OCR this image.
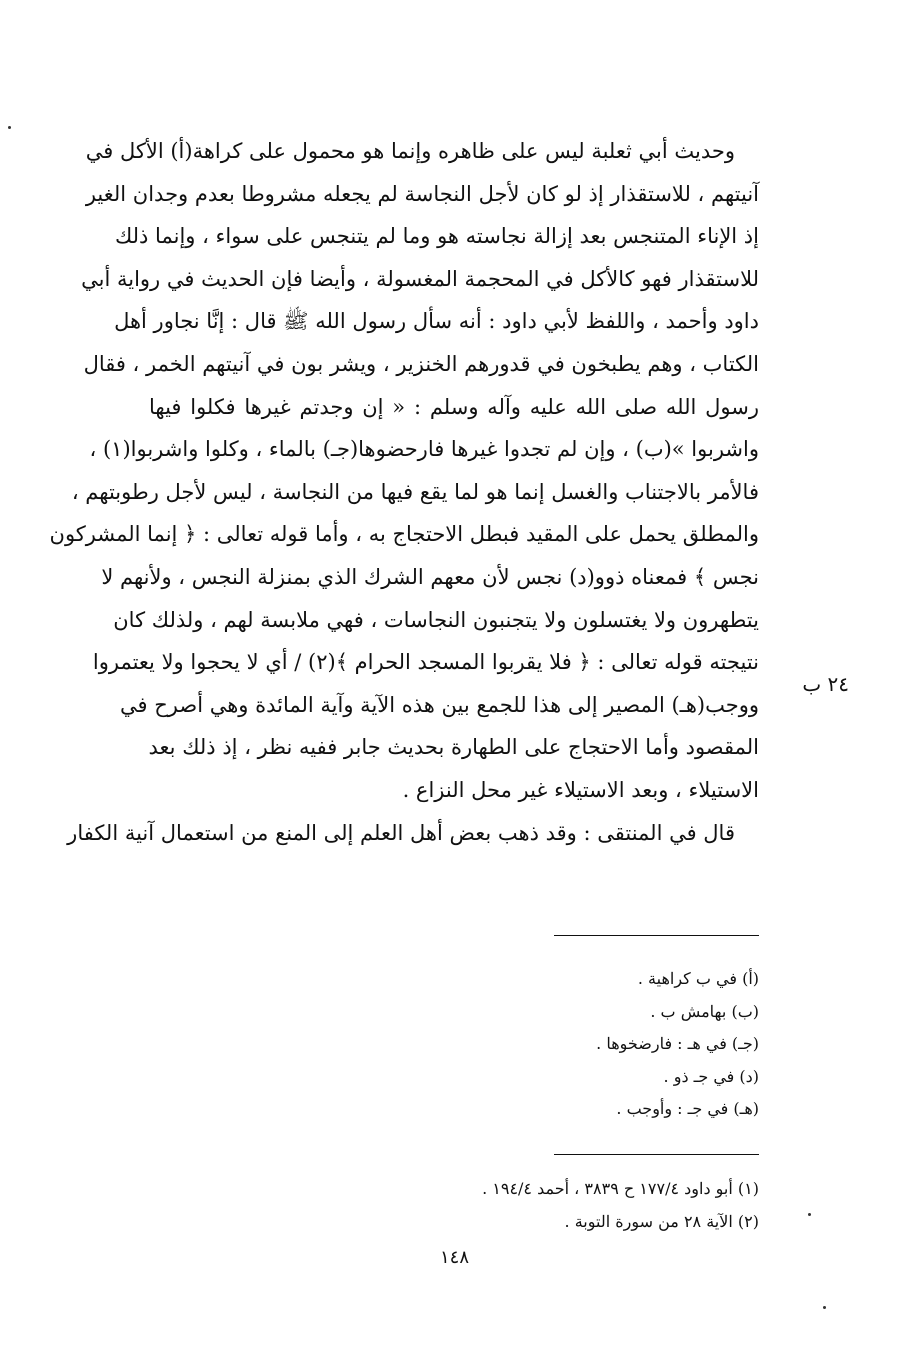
وحديث أبي ثعلبة ليس على ظاهره وإنما هو محمول على كراهة(أ) الأكل في
آنيتهم ، للاستقذار إذ لو كان لأجل النجاسة لم يجعله مشروطا بعدم وجدان الغير
إذ الإناء المتنجس بعد إزالة نجاسته هو وما لم يتنجس على سواء ، وإنما ذلك
للاستقذار فهو كالأكل في المحجمة المغسولة ، وأيضا فإن الحديث في رواية أبي
داود وأحمد ، واللفظ لأبي داود : أنه سأل رسول الله ﷺ قال : إنَّا نجاور أهل
الكتاب ، وهم يطبخون في قدورهم الخنزير ، ويشر بون في آنيتهم الخمر ، فقال
رسول الله صلى الله عليه وآله وسلم : « إن وجدتم غيرها فكلوا فيها
واشربوا »(ب) ، وإن لم تجدوا غيرها فارحضوها(جـ) بالماء ، وكلوا واشربوا(١) ،
فالأمر بالاجتناب والغسل إنما هو لما يقع فيها من النجاسة ، ليس لأجل رطوبتهم ،
والمطلق يحمل على المقيد فبطل الاحتجاج به ، وأما قوله تعالى : ﴿ إنما المشركون
نجس ﴾ فمعناه ذوو(د) نجس لأن معهم الشرك الذي بمنزلة النجس ، ولأنهم لا
يتطهرون ولا يغتسلون ولا يتجنبون النجاسات ، فهي ملابسة لهم ، ولذلك كان
نتيجته قوله تعالى : ﴿ فلا يقربوا المسجد الحرام ﴾(٢) / أي لا يحجوا ولا يعتمروا
ووجب(هـ) المصير إلى هذا للجمع بين هذه الآية وآية المائدة وهي أصرح في
المقصود وأما الاحتجاج على الطهارة بحديث جابر ففيه نظر ، إذ ذلك بعد
الاستيلاء ، وبعد الاستيلاء غير محل النزاع .
قال في المنتقى : وقد ذهب بعض أهل العلم إلى المنع من استعمال آنية الكفار
٢٤ ب
(أ) في ب كراهية .
(ب) بهامش ب .
(جـ) في هـ : فارضخوها .
(د) في جـ ذو .
(هـ) في جـ : وأوجب .
(١) أبو داود ١٧٧/٤ ح ٣٨٣٩ ، أحمد ١٩٤/٤ .
(٢) الآية ٢٨ من سورة التوبة .
١٤٨
